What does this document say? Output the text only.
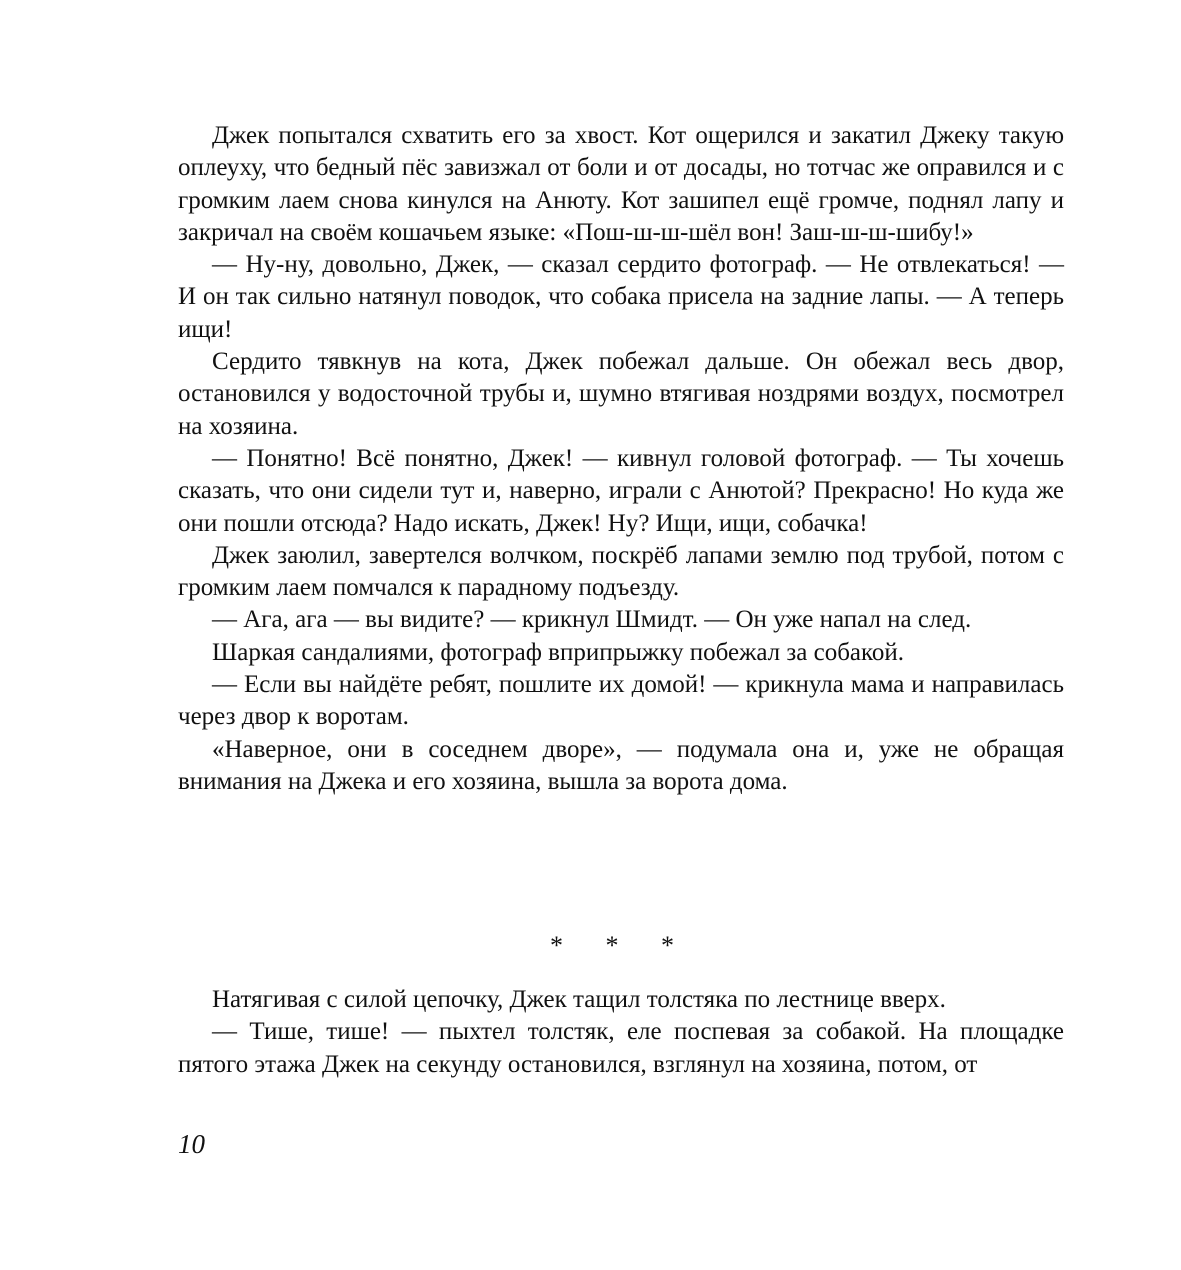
Джек попытался схватить его за хвост. Кот ощерился и закатил Джеку такую оплеуху, что бедный пёс завизжал от боли и от досады, но тотчас же оправился и с громким лаем снова кинулся на Анюту. Кот зашипел ещё громче, поднял лапу и закричал на своём кошачьем языке: «Пош-ш-ш-шёл вон! Заш-ш-ш-шибу!»

— Ну-ну, довольно, Джек, — сказал сердито фотограф. — Не отвлекаться! — И он так сильно натянул поводок, что собака присела на задние лапы. — А теперь ищи!

Сердито тявкнув на кота, Джек побежал дальше. Он обежал весь двор, остановился у водосточной трубы и, шумно втягивая ноздрями воздух, посмотрел на хозяина.

— Понятно! Всё понятно, Джек! — кивнул головой фотограф. — Ты хочешь сказать, что они сидели тут и, наверно, играли с Анютой? Прекрасно! Но куда же они пошли отсюда? Надо искать, Джек! Ну? Ищи, ищи, собачка!

Джек заюлил, завертелся волчком, поскрёб лапами землю под трубой, потом с громким лаем помчался к парадному подъезду.

— Ага, ага — вы видите? — крикнул Шмидт. — Он уже напал на след.

Шаркая сандалиями, фотограф вприпрыжку побежал за собакой.

— Если вы найдёте ребят, пошлите их домой! — крикнула мама и направилась через двор к воротам.

«Наверное, они в соседнем дворе», — подумала она и, уже не обращая внимания на Джека и его хозяина, вышла за ворота дома.

* * *

Натягивая с силой цепочку, Джек тащил толстяка по лестнице вверх.

— Тише, тише! — пыхтел толстяк, еле поспевая за собакой. На площадке пятого этажа Джек на секунду остановился, взглянул на хозяина, потом, от

10
